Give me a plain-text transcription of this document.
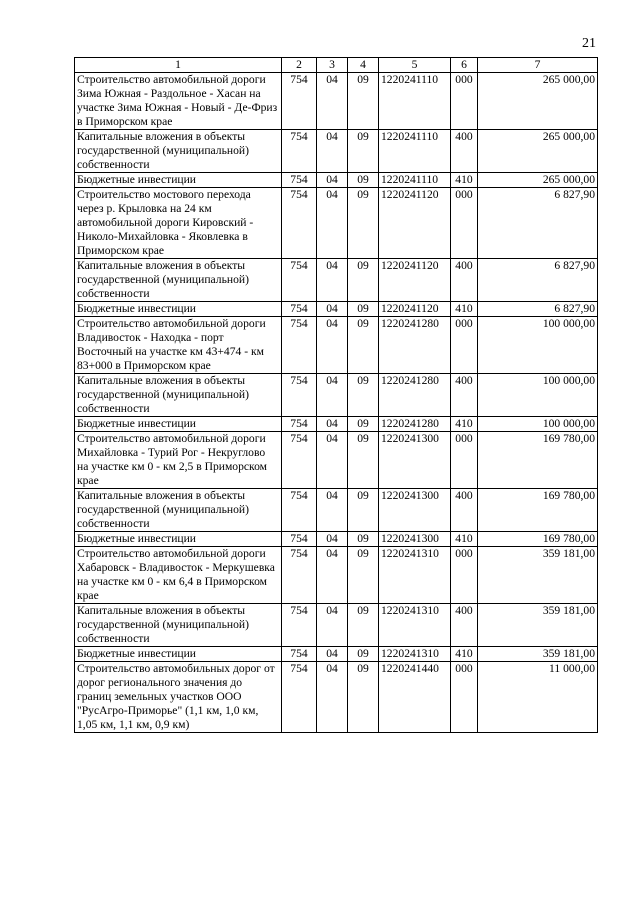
21
1	2	3	4	5	6	7
Строительство автомобильной дороги Зима Южная - Раздольное - Хасан на участке Зима Южная - Новый - Де-Фриз в Приморском крае	754	04	09	1220241110	000	265 000,00
Капитальные вложения в объекты государственной (муниципальной) собственности	754	04	09	1220241110	400	265 000,00
Бюджетные инвестиции	754	04	09	1220241110	410	265 000,00
Строительство мостового перехода через р. Крыловка на 24 км автомобильной дороги Кировский - Николо-Михайловка - Яковлевка в Приморском крае	754	04	09	1220241120	000	6 827,90
Капитальные вложения в объекты государственной (муниципальной) собственности	754	04	09	1220241120	400	6 827,90
Бюджетные инвестиции	754	04	09	1220241120	410	6 827,90
Строительство автомобильной дороги Владивосток - Находка - порт Восточный на участке км 43+474 - км 83+000 в Приморском крае	754	04	09	1220241280	000	100 000,00
Капитальные вложения в объекты государственной (муниципальной) собственности	754	04	09	1220241280	400	100 000,00
Бюджетные инвестиции	754	04	09	1220241280	410	100 000,00
Строительство автомобильной дороги Михайловка - Турий Рог - Некруглово на участке км 0 - км 2,5 в Приморском крае	754	04	09	1220241300	000	169 780,00
Капитальные вложения в объекты государственной (муниципальной) собственности	754	04	09	1220241300	400	169 780,00
Бюджетные инвестиции	754	04	09	1220241300	410	169 780,00
Строительство автомобильной дороги Хабаровск - Владивосток - Меркушевка на участке км 0 - км 6,4 в Приморском крае	754	04	09	1220241310	000	359 181,00
Капитальные вложения в объекты государственной (муниципальной) собственности	754	04	09	1220241310	400	359 181,00
Бюджетные инвестиции	754	04	09	1220241310	410	359 181,00
Строительство автомобильных дорог от дорог регионального значения до границ земельных участков ООО "РусАгро-Приморье" (1,1 км, 1,0 км, 1,05 км, 1,1 км, 0,9 км)	754	04	09	1220241440	000	11 000,00
